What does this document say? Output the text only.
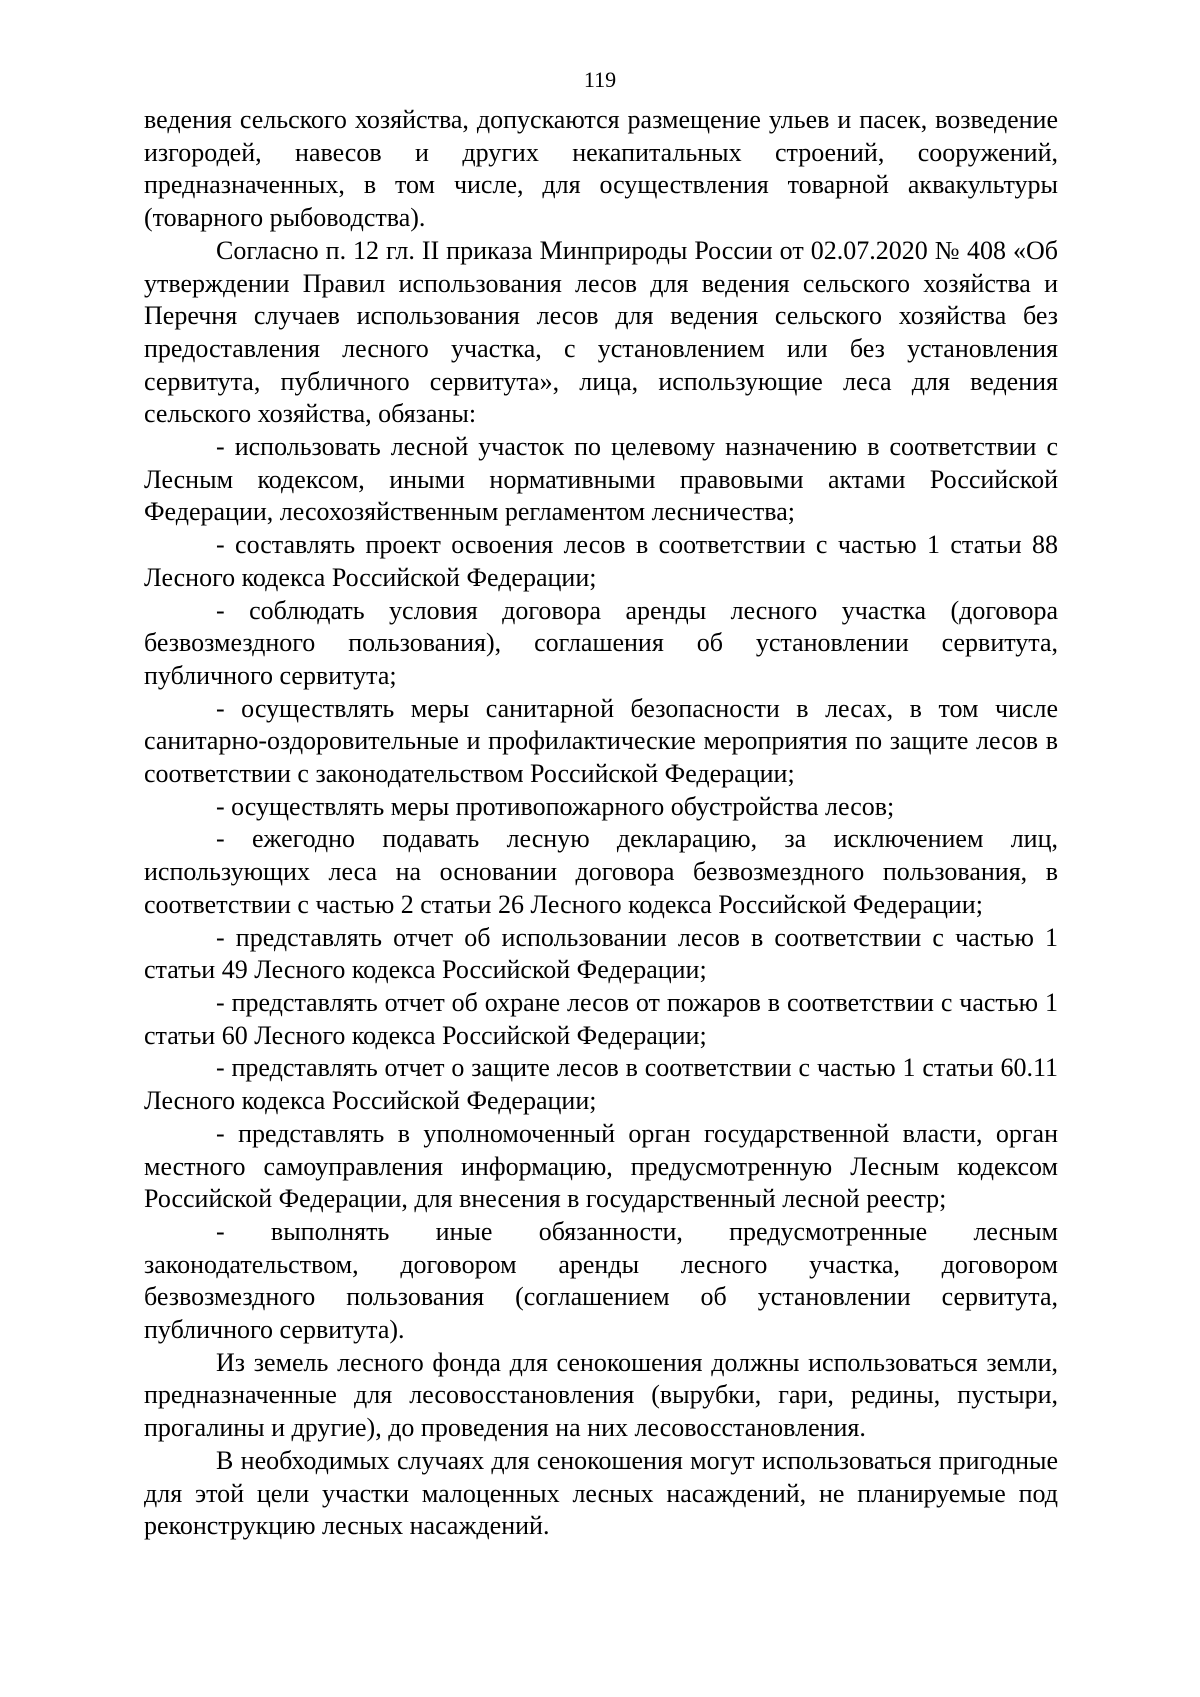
119

ведения сельского хозяйства, допускаются размещение ульев и пасек, возведение изгородей, навесов и других некапитальных строений, сооружений, предназначенных, в том числе, для осуществления товарной аквакультуры (товарного рыбоводства).

Согласно п. 12 гл. II приказа Минприроды России от 02.07.2020 № 408 «Об утверждении Правил использования лесов для ведения сельского хозяйства и Перечня случаев использования лесов для ведения сельского хозяйства без предоставления лесного участка, с установлением или без установления сервитута, публичного сервитута», лица, использующие леса для ведения сельского хозяйства, обязаны:

- использовать лесной участок по целевому назначению в соответствии с Лесным кодексом, иными нормативными правовыми актами Российской Федерации, лесохозяйственным регламентом лесничества;

- составлять проект освоения лесов в соответствии с частью 1 статьи 88 Лесного кодекса Российской Федерации;

- соблюдать условия договора аренды лесного участка (договора безвозмездного пользования), соглашения об установлении сервитута, публичного сервитута;

- осуществлять меры санитарной безопасности в лесах, в том числе санитарно-оздоровительные и профилактические мероприятия по защите лесов в соответствии с законодательством Российской Федерации;

- осуществлять меры противопожарного обустройства лесов;

- ежегодно подавать лесную декларацию, за исключением лиц, использующих леса на основании договора безвозмездного пользования, в соответствии с частью 2 статьи 26 Лесного кодекса Российской Федерации;

- представлять отчет об использовании лесов в соответствии с частью 1 статьи 49 Лесного кодекса Российской Федерации;

- представлять отчет об охране лесов от пожаров в соответствии с частью 1 статьи 60 Лесного кодекса Российской Федерации;

- представлять отчет о защите лесов в соответствии с частью 1 статьи 60.11 Лесного кодекса Российской Федерации;

- представлять в уполномоченный орган государственной власти, орган местного самоуправления информацию, предусмотренную Лесным кодексом Российской Федерации, для внесения в государственный лесной реестр;

- выполнять иные обязанности, предусмотренные лесным законодательством, договором аренды лесного участка, договором безвозмездного пользования (соглашением об установлении сервитута, публичного сервитута).

Из земель лесного фонда для сенокошения должны использоваться земли, предназначенные для лесовосстановления (вырубки, гари, редины, пустыри, прогалины и другие), до проведения на них лесовосстановления.

В необходимых случаях для сенокошения могут использоваться пригодные для этой цели участки малоценных лесных насаждений, не планируемые под реконструкцию лесных насаждений.
